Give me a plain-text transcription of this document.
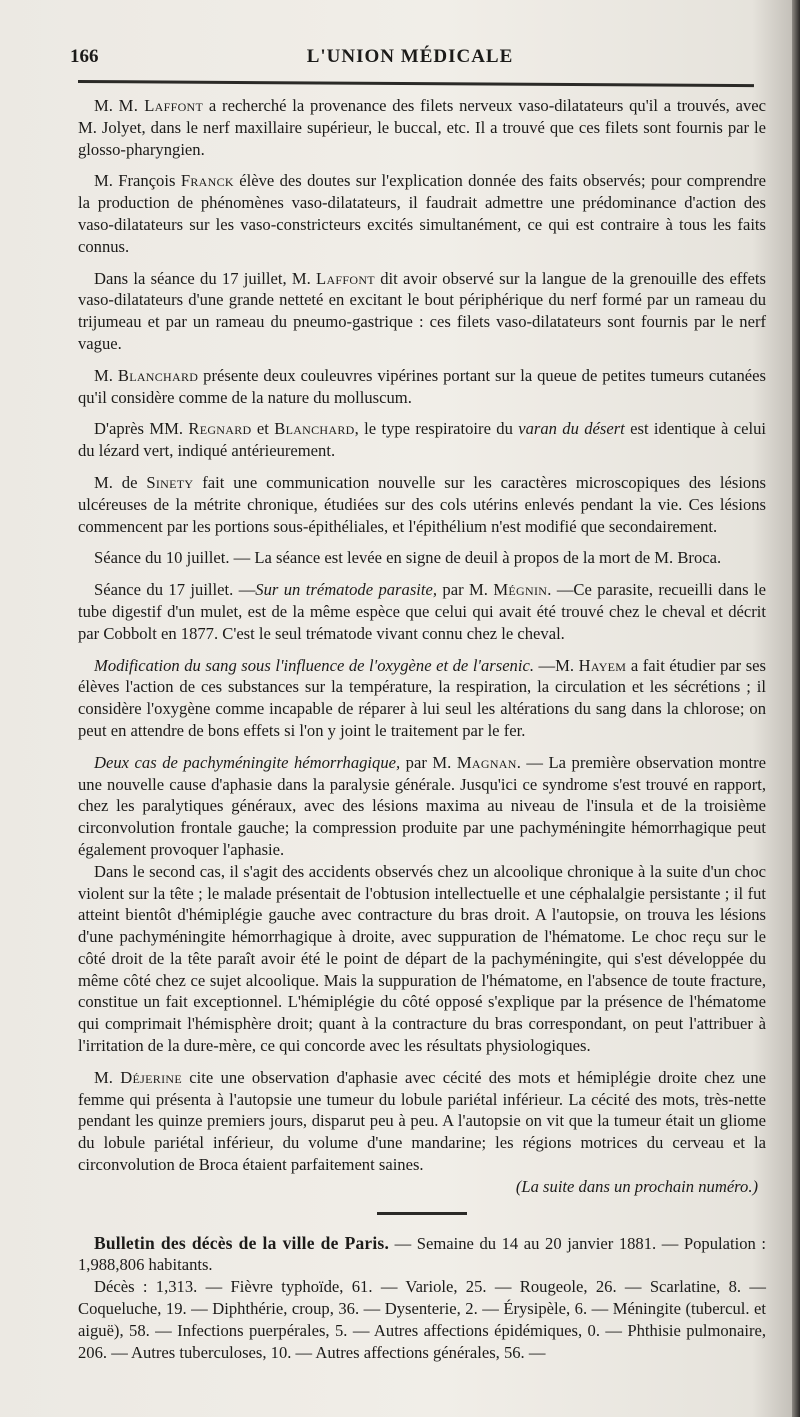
166	L'UNION MÉDICALE

M. M. Laffont a recherché la provenance des filets nerveux vaso-dilatateurs qu'il a trouvés, avec M. Jolyet, dans le nerf maxillaire supérieur, le buccal, etc. Il a trouvé que ces filets sont fournis par le glosso-pharyngien.

M. François Franck élève des doutes sur l'explication donnée des faits observés; pour comprendre la production de phénomènes vaso-dilatateurs, il faudrait admettre une prédominance d'action des vaso-dilatateurs sur les vaso-constricteurs excités simultanément, ce qui est contraire à tous les faits connus.

Dans la séance du 17 juillet, M. Laffont dit avoir observé sur la langue de la grenouille des effets vaso-dilatateurs d'une grande netteté en excitant le bout périphérique du nerf formé par un rameau du trijumeau et par un rameau du pneumo-gastrique : ces filets vaso-dilatateurs sont fournis par le nerf vague.

M. Blanchard présente deux couleuvres vipérines portant sur la queue de petites tumeurs cutanées qu'il considère comme de la nature du molluscum.

D'après MM. Regnard et Blanchard, le type respiratoire du varan du désert est identique à celui du lézard vert, indiqué antérieurement.

M. de Sinety fait une communication nouvelle sur les caractères microscopiques des lésions ulcéreuses de la métrite chronique, étudiées sur des cols utérins enlevés pendant la vie. Ces lésions commencent par les portions sous-épithéliales, et l'épithélium n'est modifié que secondairement.

Séance du 10 juillet. — La séance est levée en signe de deuil à propos de la mort de M. Broca.

Séance du 17 juillet. —Sur un trématode parasite, par M. Mégnin. —Ce parasite, recueilli dans le tube digestif d'un mulet, est de la même espèce que celui qui avait été trouvé chez le cheval et décrit par Cobbolt en 1877. C'est le seul trématode vivant connu chez le cheval.

Modification du sang sous l'influence de l'oxygène et de l'arsenic. —M. Hayem a fait étudier par ses élèves l'action de ces substances sur la température, la respiration, la circulation et les sécrétions ; il considère l'oxygène comme incapable de réparer à lui seul les altérations du sang dans la chlorose; on peut en attendre de bons effets si l'on y joint le traitement par le fer.

Deux cas de pachyméningite hémorrhagique, par M. Magnan. — La première observation montre une nouvelle cause d'aphasie dans la paralysie générale. Jusqu'ici ce syndrome s'est trouvé en rapport, chez les paralytiques généraux, avec des lésions maxima au niveau de l'insula et de la troisième circonvolution frontale gauche; la compression produite par une pachyméningite hémorrhagique peut également provoquer l'aphasie.

Dans le second cas, il s'agit des accidents observés chez un alcoolique chronique à la suite d'un choc violent sur la tête ; le malade présentait de l'obtusion intellectuelle et une céphalalgie persistante ; il fut atteint bientôt d'hémiplégie gauche avec contracture du bras droit. A l'autopsie, on trouva les lésions d'une pachyméningite hémorrhagique à droite, avec suppuration de l'hématome. Le choc reçu sur le côté droit de la tête paraît avoir été le point de départ de la pachyméningite, qui s'est développée du même côté chez ce sujet alcoolique. Mais la suppuration de l'hématome, en l'absence de toute fracture, constitue un fait exceptionnel. L'hémiplégie du côté opposé s'explique par la présence de l'hématome qui comprimait l'hémisphère droit; quant à la contracture du bras correspondant, on peut l'attribuer à l'irritation de la dure-mère, ce qui concorde avec les résultats physiologiques.

M. Déjerine cite une observation d'aphasie avec cécité des mots et hémiplégie droite chez une femme qui présenta à l'autopsie une tumeur du lobule pariétal inférieur. La cécité des mots, très-nette pendant les quinze premiers jours, disparut peu à peu. A l'autopsie on vit que la tumeur était un gliome du lobule pariétal inférieur, du volume d'une mandarine; les régions motrices du cerveau et la circonvolution de Broca étaient parfaitement saines.

(La suite dans un prochain numéro.)

Bulletin des décès de la ville de Paris. — Semaine du 14 au 20 janvier 1881. — Population : 1,988,806 habitants.

Décès : 1,313. — Fièvre typhoïde, 61. — Variole, 25. — Rougeole, 26. — Scarlatine, 8. — Coqueluche, 19. — Diphthérie, croup, 36. — Dysenterie, 2. — Érysipèle, 6. — Méningite (tubercul. et aiguë), 58. — Infections puerpérales, 5. — Autres affections épidémiques, 0. — Phthisie pulmonaire, 206. — Autres tuberculoses, 10. — Autres affections générales, 56. —
